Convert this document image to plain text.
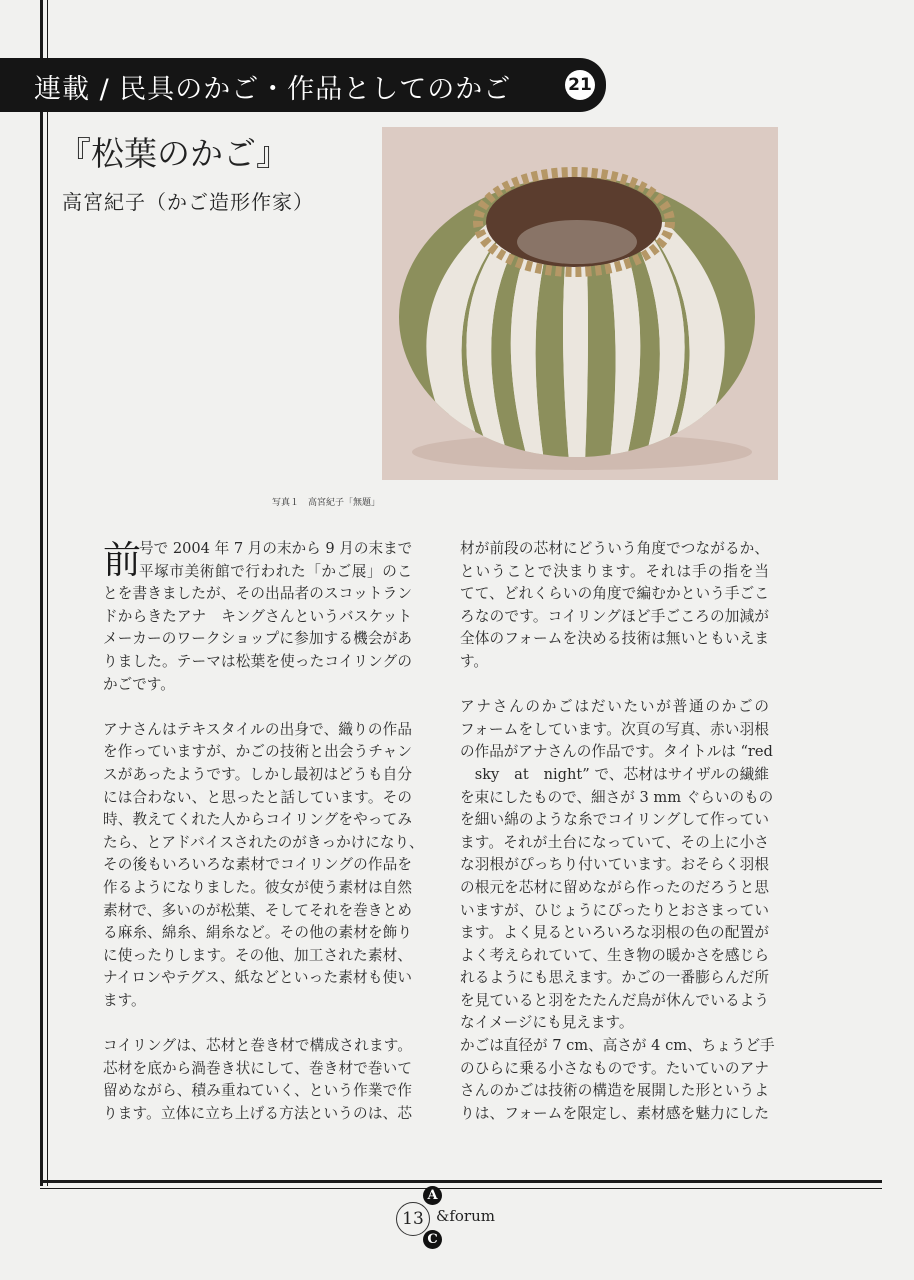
連載 / 民具のかご・作品としてのかご	21
『松葉のかご』
高宮紀子（かご造形作家）
写真１　高宮紀子「無題」
前
号で 2004 年 7 月の末から 9 月の末まで
平塚市美術館で行われた「かご展」のこ
とを書きましたが、その出品者のスコットラン
ドからきたアナ　キングさんというバスケット
メーカーのワークショップに参加する機会があ
りました。テーマは松葉を使ったコイリングの
かごです。
アナさんはテキスタイルの出身で、織りの作品
を作っていますが、かごの技術と出会うチャン
スがあったようです。しかし最初はどうも自分
には合わない、と思ったと話しています。その
時、教えてくれた人からコイリングをやってみ
たら、とアドバイスされたのがきっかけになり、
その後もいろいろな素材でコイリングの作品を
作るようになりました。彼女が使う素材は自然
素材で、多いのが松葉、そしてそれを巻きとめ
る麻糸、綿糸、絹糸など。その他の素材を飾り
に使ったりします。その他、加工された素材、
ナイロンやテグス、紙などといった素材も使い
ます。
コイリングは、芯材と巻き材で構成されます。
芯材を底から渦巻き状にして、巻き材で巻いて
留めながら、積み重ねていく、という作業で作
ります。立体に立ち上げる方法というのは、芯
材が前段の芯材にどういう角度でつながるか、
ということで決まります。それは手の指を当
てて、どれくらいの角度で編むかという手ごこ
ろなのです。コイリングほど手ごころの加減が
全体のフォームを決める技術は無いともいえま
す。
アナさんのかごはだいたいが普通のかごの
フォームをしています。次頁の写真、赤い羽根
の作品がアナさんの作品です。タイトルは “red
　sky　at　night” で、芯材はサイザルの繊維
を束にしたもので、細さが 3 mm ぐらいのもの
を細い綿のような糸でコイリングして作ってい
ます。それが土台になっていて、その上に小さ
な羽根がぴっちり付いています。おそらく羽根
の根元を芯材に留めながら作ったのだろうと思
いますが、ひじょうにぴったりとおさまってい
ます。よく見るといろいろな羽根の色の配置が
よく考えられていて、生き物の暖かさを感じら
れるようにも思えます。かごの一番膨らんだ所
を見ていると羽をたたんだ鳥が休んでいるよう
なイメージにも見えます。
かごは直径が 7 cm、高さが 4 cm、ちょうど手
のひらに乗る小さなものです。たいていのアナ
さんのかごは技術の構造を展開した形というよ
りは、フォームを限定し、素材感を魅力にした
13
A
C
&forum
